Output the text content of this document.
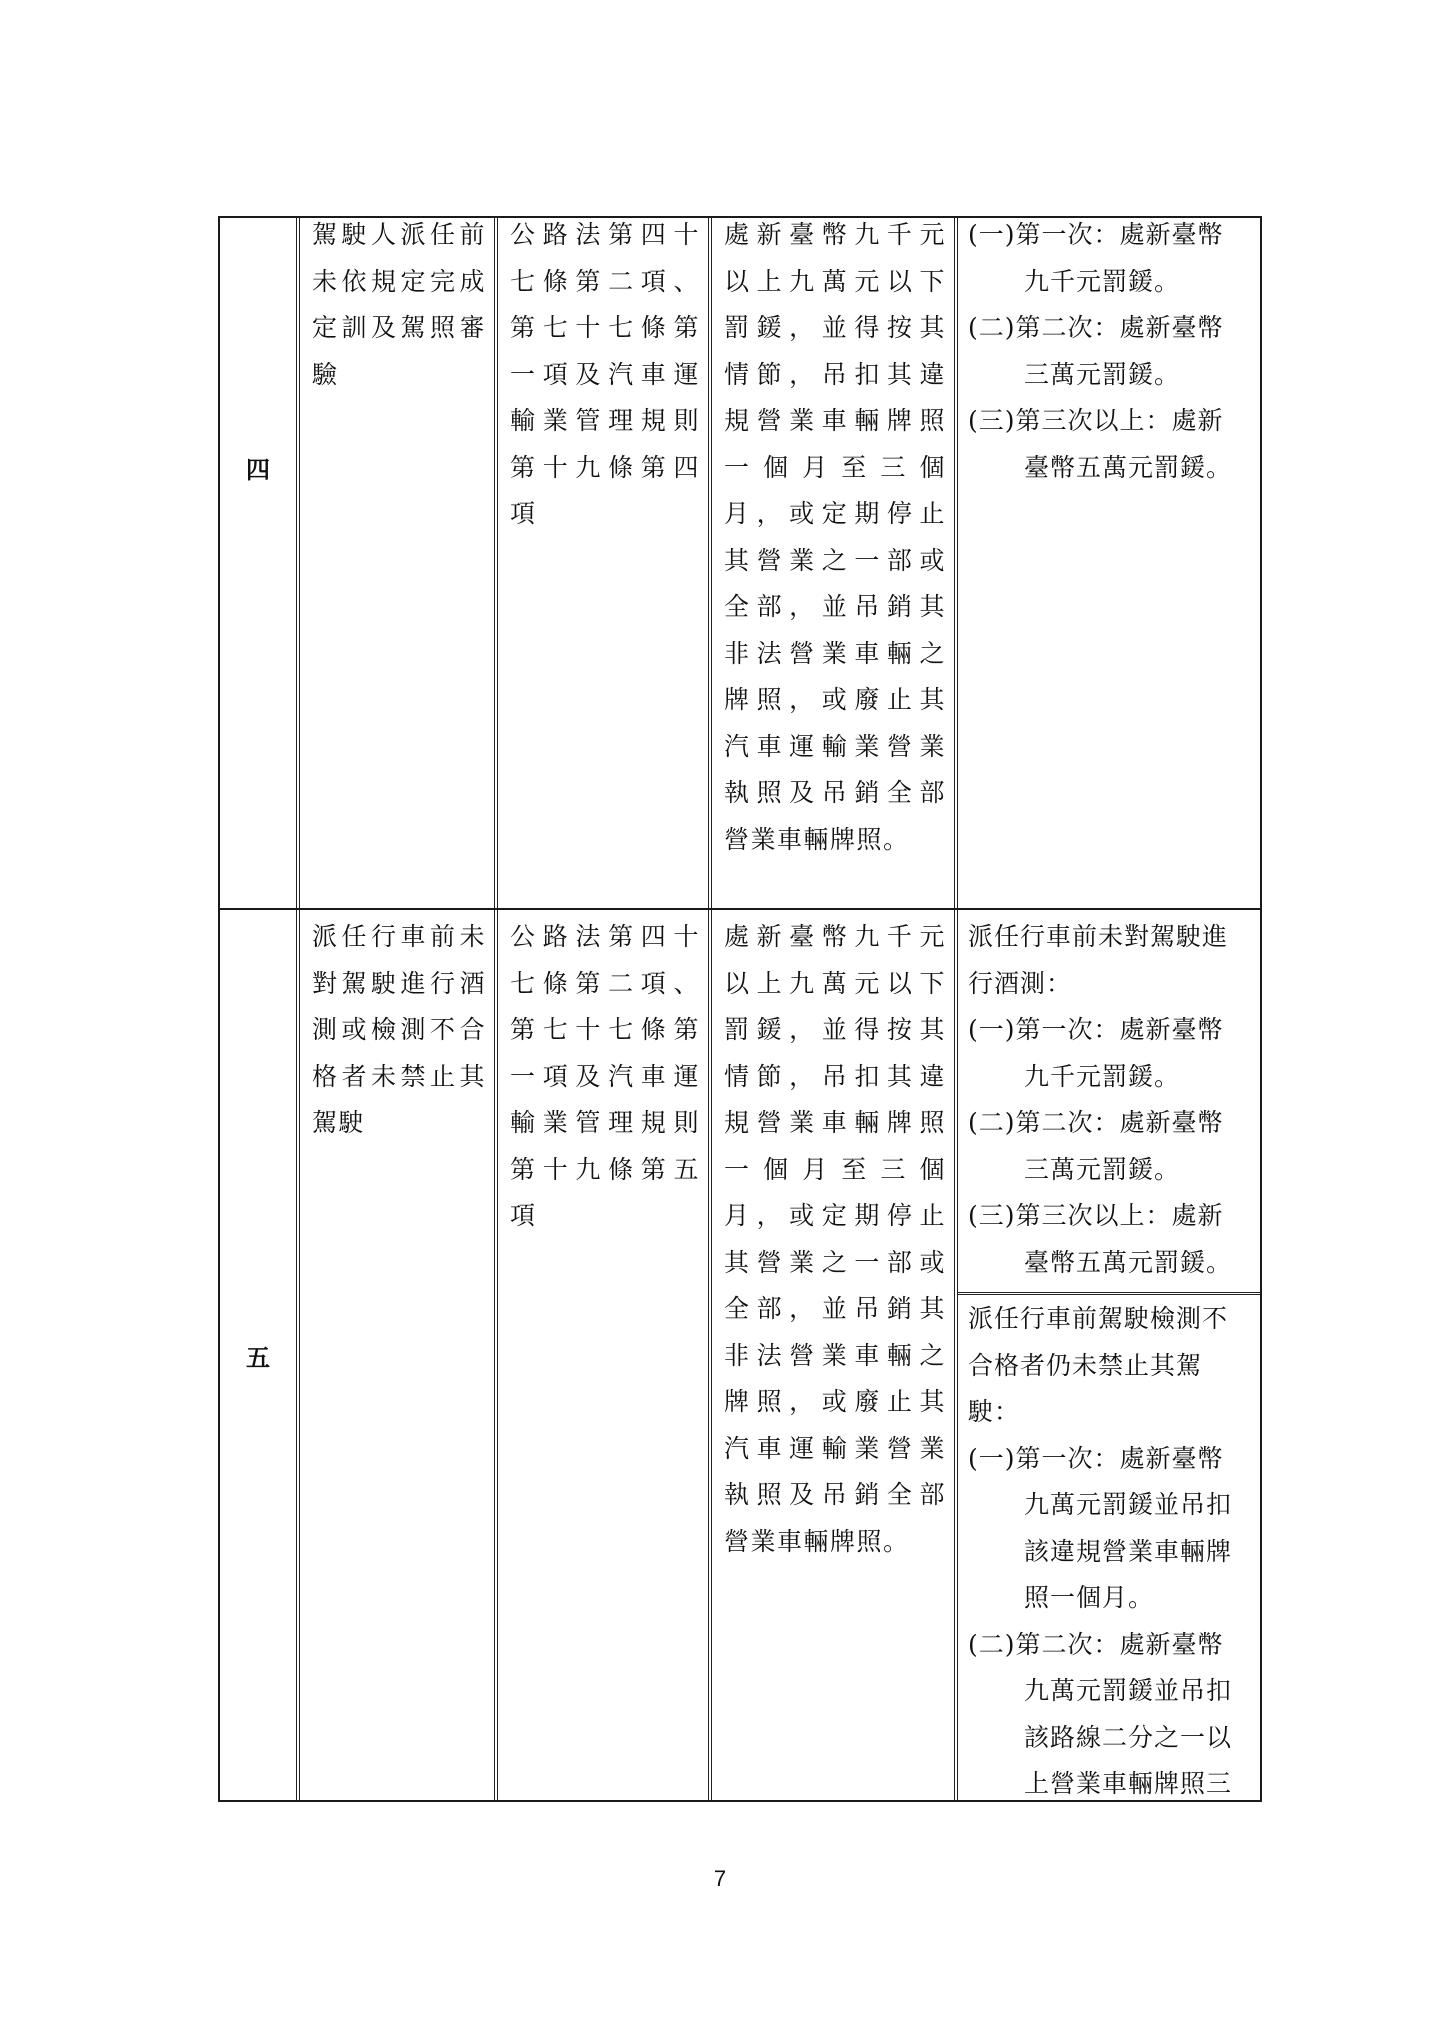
四

駕駛人派任前

未依規定完成

定訓及駕照審

驗

公路法第四十

七條第二項、

第七十七條第

一項及汽車運

輸業管理規則

第十九條第四

項

處新臺幣九千元

以上九萬元以下

罰鍰，並得按其

情節，吊扣其違

規營業車輛牌照

一個月至三個

月，或定期停止

其營業之一部或

全部，並吊銷其

非法營業車輛之

牌照，或廢止其

汽車運輸業營業

執照及吊銷全部

營業車輛牌照。

(一)第一次：處新臺幣

九千元罰鍰。

(二)第二次：處新臺幣

三萬元罰鍰。

(三)第三次以上：處新

臺幣五萬元罰鍰。

五

派任行車前未

對駕駛進行酒

測或檢測不合

格者未禁止其

駕駛

公路法第四十

七條第二項、

第七十七條第

一項及汽車運

輸業管理規則

第十九條第五

項

處新臺幣九千元

以上九萬元以下

罰鍰，並得按其

情節，吊扣其違

規營業車輛牌照

一個月至三個

月，或定期停止

其營業之一部或

全部，並吊銷其

非法營業車輛之

牌照，或廢止其

汽車運輸業營業

執照及吊銷全部

營業車輛牌照。

派任行車前未對駕駛進

行酒測：

(一)第一次：處新臺幣

九千元罰鍰。

(二)第二次：處新臺幣

三萬元罰鍰。

(三)第三次以上：處新

臺幣五萬元罰鍰。

派任行車前駕駛檢測不

合格者仍未禁止其駕

駛：

(一)第一次：處新臺幣

九萬元罰鍰並吊扣

該違規營業車輛牌

照一個月。

(二)第二次：處新臺幣

九萬元罰鍰並吊扣

該路線二分之一以

上營業車輛牌照三

7
